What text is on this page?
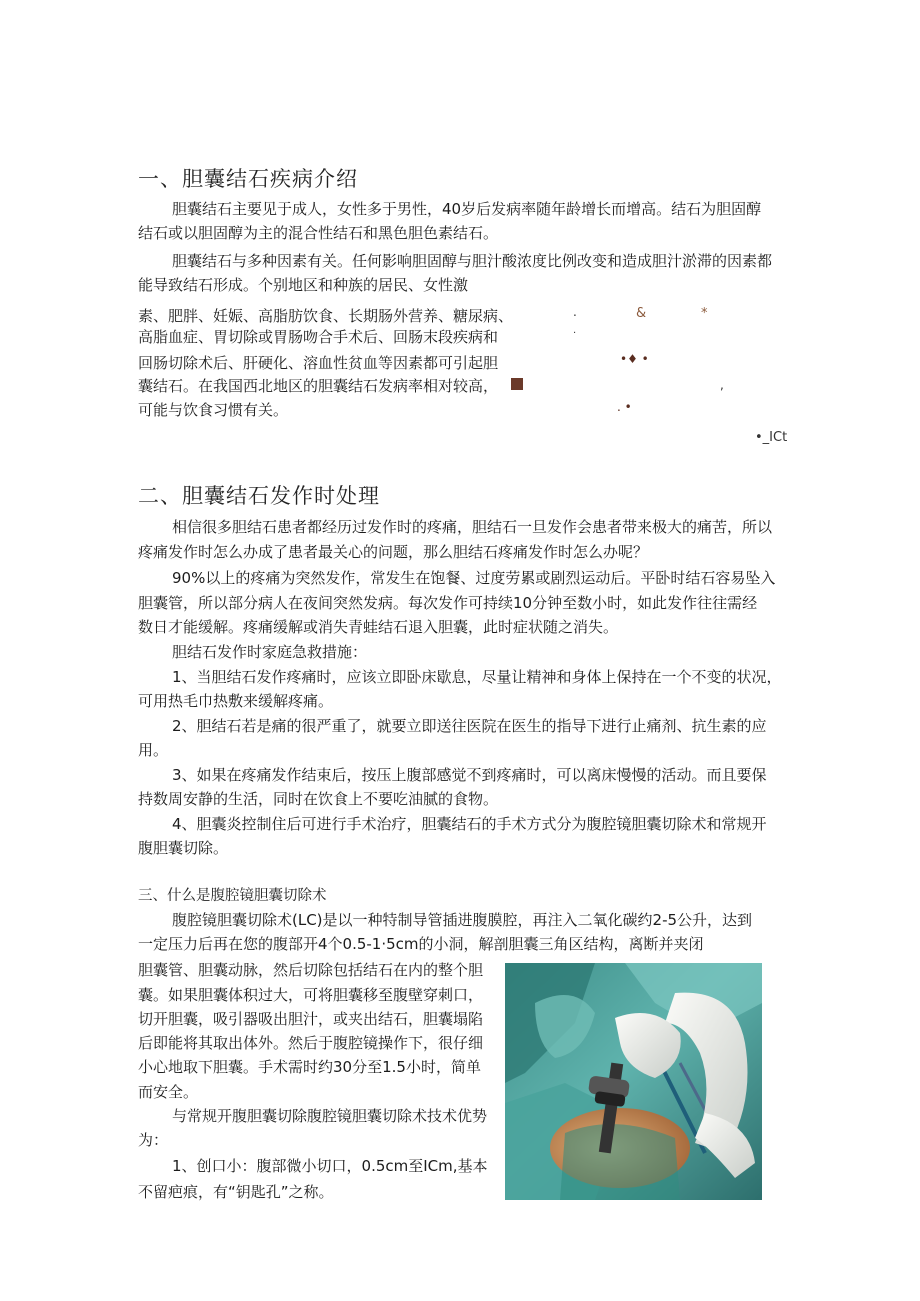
一、胆囊结石疾病介绍
胆囊结石主要见于成人，女性多于男性，40岁后发病率随年龄增长而增高。结石为胆固醇
结石或以胆固醇为主的混合性结石和黑色胆色素结石。
胆囊结石与多种因素有关。任何影响胆固醇与胆汁酸浓度比例改变和造成胆汁淤滞的因素都
能导致结石形成。个别地区和种族的居民、女性激
素、肥胖、妊娠、高脂肪饮食、长期肠外营养、糖尿病、
高脂血症、胃切除或胃肠吻合手术后、回肠末段疾病和
回肠切除术后、肝硬化、溶血性贫血等因素都可引起胆
囊结石。在我国西北地区的胆囊结石发病率相对较高，
可能与饮食习惯有关。
.	&	*
·
•♦ •
,
. •
•_ICt
二、胆囊结石发作时处理
相信很多胆结石患者都经历过发作时的疼痛，胆结石一旦发作会患者带来极大的痛苦，所以
疼痛发作时怎么办成了患者最关心的问题，那么胆结石疼痛发作时怎么办呢？
90%以上的疼痛为突然发作，常发生在饱餐、过度劳累或剧烈运动后。平卧时结石容易坠入
胆囊管，所以部分病人在夜间突然发病。每次发作可持续10分钟至数小时，如此发作往往需经
数日才能缓解。疼痛缓解或消失青蛙结石退入胆囊，此时症状随之消失。
胆结石发作时家庭急救措施：
1、当胆结石发作疼痛时，应该立即卧床歇息，尽量让精神和身体上保持在一个不变的状况，
可用热毛巾热敷来缓解疼痛。
2、胆结石若是痛的很严重了，就要立即送往医院在医生的指导下进行止痛剂、抗生素的应
用。
3、如果在疼痛发作结束后，按压上腹部感觉不到疼痛时，可以离床慢慢的活动。而且要保
持数周安静的生活，同时在饮食上不要吃油腻的食物。
4、胆囊炎控制住后可进行手术治疗，胆囊结石的手术方式分为腹腔镜胆囊切除术和常规开
腹胆囊切除。
三、什么是腹腔镜胆囊切除术
腹腔镜胆囊切除术(LC)是以一种特制导管插进腹膜腔，再注入二氧化碳约2-5公升，达到
一定压力后再在您的腹部开4个0.5-1·5cm的小洞，解剖胆囊三角区结构，离断并夹闭
胆囊管、胆囊动脉，然后切除包括结石在内的整个胆
囊。如果胆囊体积过大，可将胆囊移至腹壁穿刺口，
切开胆囊，吸引器吸出胆汁，或夹出结石，胆囊塌陷
后即能将其取出体外。然后于腹腔镜操作下，很仔细
小心地取下胆囊。手术需时约30分至1.5小时，简单
而安全。
与常规开腹胆囊切除腹腔镜胆囊切除术技术优势
为：
1、创口小：腹部微小切口，0.5cm至ICm,基本
不留疤痕，有“钥匙孔”之称。
